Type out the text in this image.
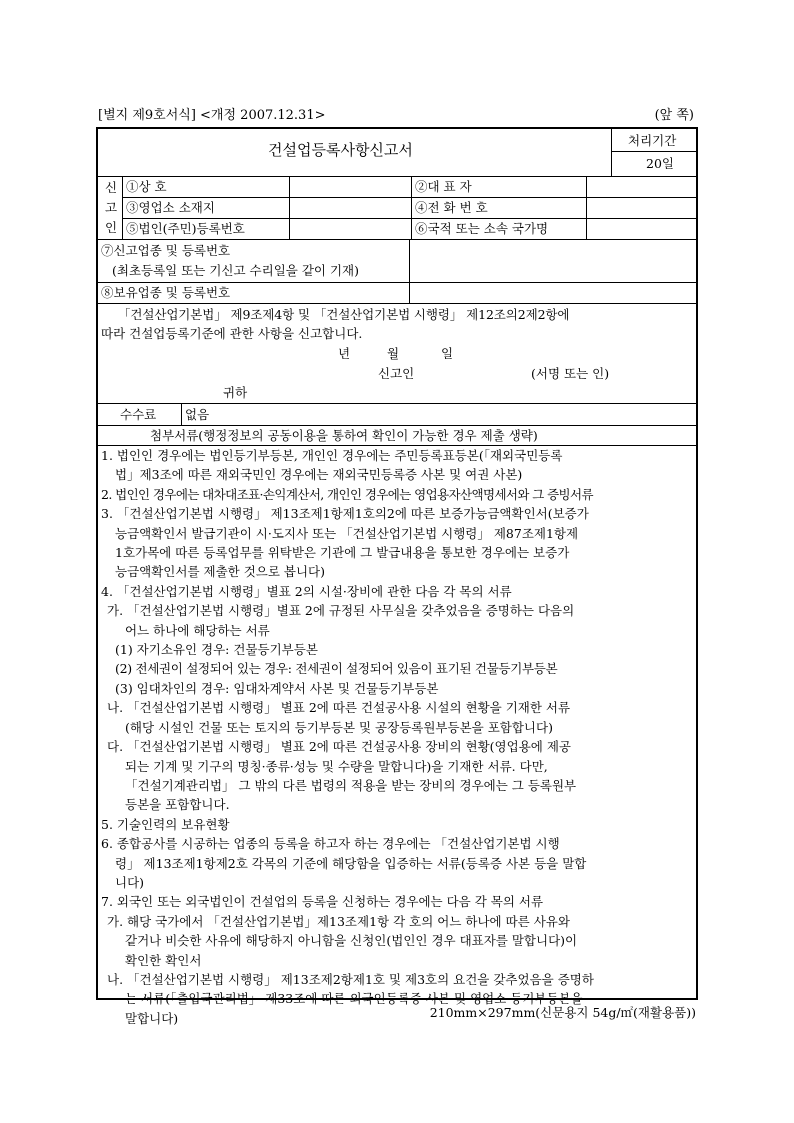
[별지 제9호서식] <개정 2007.12.31>	(앞 쪽)
건설업등록사항신고서
처리기간
20일
신
고
인
①상 호	②대 표 자
③영업소 소재지	④전 화 번 호
⑤법인(주민)등록번호	⑥국적 또는 소속 국가명
⑦신고업종 및 등록번호
(최초등록일 또는 기신고 수리일을 같이 기재)
⑧보유업종 및 등록번호
「건설산업기본법」 제9조제4항 및 「건설산업기본법 시행령」 제12조의2제2항에
따라 건설업등록기준에 관한 사항을 신고합니다.
년	월	일
신고인	(서명 또는 인)
귀하
수수료 없음
첨부서류(행정정보의 공동이용을 통하여 확인이 가능한 경우 제출 생략)
1. 법인인 경우에는 법인등기부등본, 개인인 경우에는 주민등록표등본(「재외국민등록
법」제3조에 따른 재외국민인 경우에는 재외국민등록증 사본 및 여권 사본)
2. 법인인 경우에는 대차대조표·손익계산서, 개인인 경우에는 영업용자산액명세서와 그 증빙서류
3. 「건설산업기본법 시행령」 제13조제1항제1호의2에 따른 보증가능금액확인서(보증가
능금액확인서 발급기관이 시·도지사 또는 「건설산업기본법 시행령」 제87조제1항제
1호가목에 따른 등록업무를 위탁받은 기관에 그 발급내용을 통보한 경우에는 보증가
능금액확인서를 제출한 것으로 봅니다)
4. 「건설산업기본법 시행령」별표 2의 시설·장비에 관한 다음 각 목의 서류
가. 「건설산업기본법 시행령」별표 2에 규정된 사무실을 갖추었음을 증명하는 다음의
어느 하나에 해당하는 서류
(1) 자기소유인 경우: 건물등기부등본
(2) 전세권이 설정되어 있는 경우: 전세권이 설정되어 있음이 표기된 건물등기부등본
(3) 임대차인의 경우: 임대차계약서 사본 및 건물등기부등본
나. 「건설산업기본법 시행령」 별표 2에 따른 건설공사용 시설의 현황을 기재한 서류
(해당 시설인 건물 또는 토지의 등기부등본 및 공장등록원부등본을 포함합니다)
다. 「건설산업기본법 시행령」 별표 2에 따른 건설공사용 장비의 현황(영업용에 제공
되는 기계 및 기구의 명칭·종류·성능 및 수량을 말합니다)을 기재한 서류. 다만,
「건설기계관리법」 그 밖의 다른 법령의 적용을 받는 장비의 경우에는 그 등록원부
등본을 포함합니다.
5. 기술인력의 보유현황
6. 종합공사를 시공하는 업종의 등록을 하고자 하는 경우에는 「건설산업기본법 시행
령」 제13조제1항제2호 각목의 기준에 해당함을 입증하는 서류(등록증 사본 등을 말합
니다)
7. 외국인 또는 외국법인이 건설업의 등록을 신청하는 경우에는 다음 각 목의 서류
가. 해당 국가에서 「건설산업기본법」제13조제1항 각 호의 어느 하나에 따른 사유와
같거나 비슷한 사유에 해당하지 아니함을 신청인(법인인 경우 대표자를 말합니다)이
확인한 확인서
나. 「건설산업기본법 시행령」 제13조제2항제1호 및 제3호의 요건을 갖추었음을 증명하
는 서류(「출입국관리법」 제33조에 따른 외국인등록증 사본 및 영업소 등기부등본을
말합니다)	210mm×297mm(신문용지 54g/㎡(재활용품))
